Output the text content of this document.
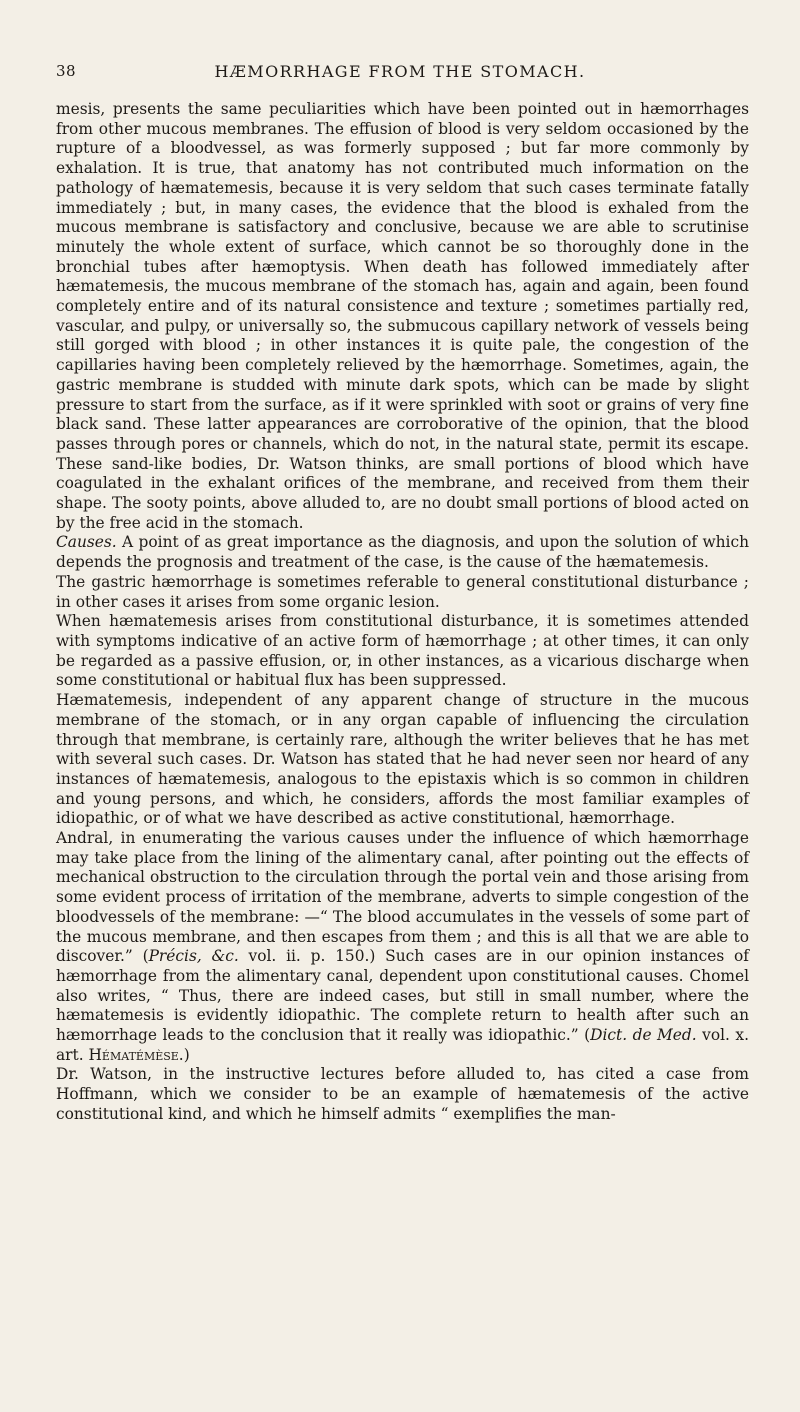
38	HÆMORRHAGE FROM THE STOMACH.

mesis, presents the same peculiarities which have been pointed out in hæmorrhages from other mucous membranes. The effusion of blood is very seldom occasioned by the rupture of a bloodvessel, as was formerly supposed ; but far more commonly by exhalation. It is true, that anatomy has not contributed much information on the pathology of hæmatemesis, because it is very seldom that such cases terminate fatally immediately ; but, in many cases, the evidence that the blood is exhaled from the mucous membrane is satisfactory and conclusive, because we are able to scrutinise minutely the whole extent of surface, which cannot be so thoroughly done in the bronchial tubes after hæmoptysis. When death has followed immediately after hæmatemesis, the mucous membrane of the stomach has, again and again, been found completely entire and of its natural consistence and texture ; sometimes partially red, vascular, and pulpy, or universally so, the submucous capillary network of vessels being still gorged with blood ; in other instances it is quite pale, the congestion of the capillaries having been completely relieved by the hæmorrhage. Sometimes, again, the gastric membrane is studded with minute dark spots, which can be made by slight pressure to start from the surface, as if it were sprinkled with soot or grains of very fine black sand. These latter appearances are corroborative of the opinion, that the blood passes through pores or channels, which do not, in the natural state, permit its escape. These sand-like bodies, Dr. Watson thinks, are small portions of blood which have coagulated in the exhalant orifices of the membrane, and received from them their shape. The sooty points, above alluded to, are no doubt small portions of blood acted on by the free acid in the stomach.

Causes. A point of as great importance as the diagnosis, and upon the solution of which depends the prognosis and treatment of the case, is the cause of the hæmatemesis.

The gastric hæmorrhage is sometimes referable to general constitutional disturbance ; in other cases it arises from some organic lesion.

When hæmatemesis arises from constitutional disturbance, it is sometimes attended with symptoms indicative of an active form of hæmorrhage ; at other times, it can only be regarded as a passive effusion, or, in other instances, as a vicarious discharge when some constitutional or habitual flux has been suppressed.

Hæmatemesis, independent of any apparent change of structure in the mucous membrane of the stomach, or in any organ capable of influencing the circulation through that membrane, is certainly rare, although the writer believes that he has met with several such cases. Dr. Watson has stated that he had never seen nor heard of any instances of hæmatemesis, analogous to the epistaxis which is so common in children and young persons, and which, he considers, affords the most familiar examples of idiopathic, or of what we have described as active constitutional, hæmorrhage.

Andral, in enumerating the various causes under the influence of which hæmorrhage may take place from the lining of the alimentary canal, after pointing out the effects of mechanical obstruction to the circulation through the portal vein and those arising from some evident process of irritation of the membrane, adverts to simple congestion of the bloodvessels of the membrane: —“ The blood accumulates in the vessels of some part of the mucous membrane, and then escapes from them ; and this is all that we are able to discover.” (Précis, &c. vol. ii. p. 150.) Such cases are in our opinion instances of hæmorrhage from the alimentary canal, dependent upon constitutional causes. Chomel also writes, “ Thus, there are indeed cases, but still in small number, where the hæmatemesis is evidently idiopathic. The complete return to health after such an hæmorrhage leads to the conclusion that it really was idiopathic.” (Dict. de Med. vol. x. art. Hématémèse.)

Dr. Watson, in the instructive lectures before alluded to, has cited a case from Hoffmann, which we consider to be an example of hæmatemesis of the active constitutional kind, and which he himself admits “ exemplifies the man-
